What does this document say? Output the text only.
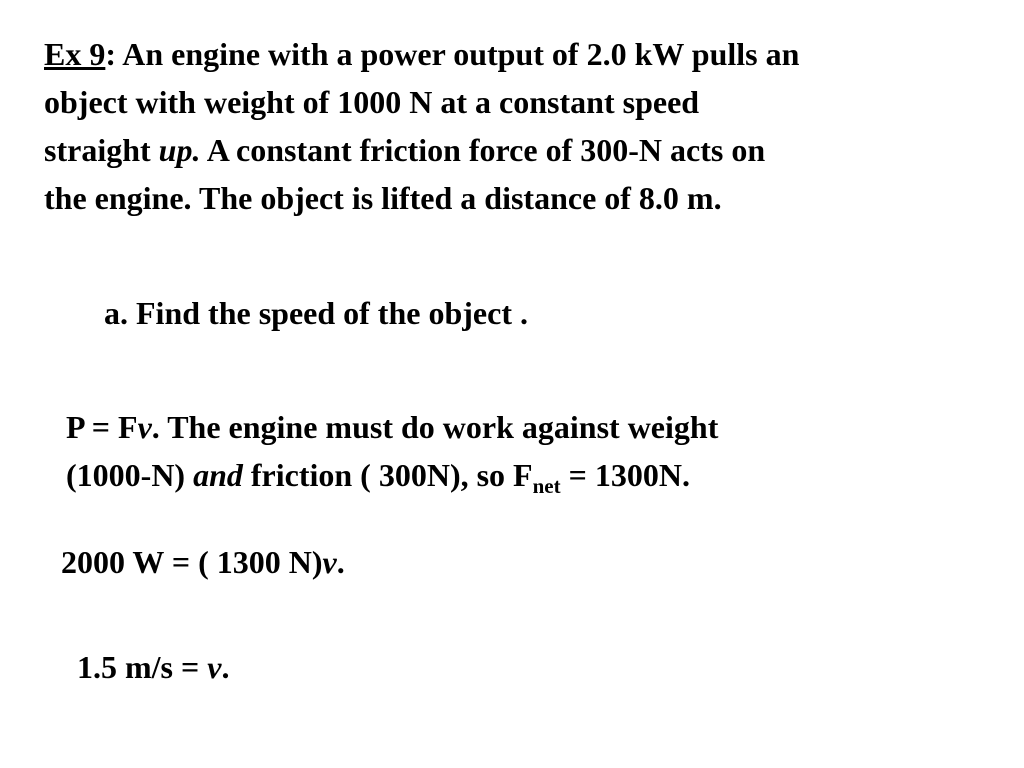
Ex 9: An engine with a power output of 2.0 kW pulls an
object with weight of 1000 N at a constant speed
straight up. A constant friction force of 300-N acts on
the engine. The object is lifted a distance of 8.0 m.
a. Find the speed of the object .
P = Fv. The engine must do work against weight
(1000-N) and friction ( 300N), so $F_{net} = 1300N$.
2000 W = ( 1300 N)v.
1.5 m/s = v.
